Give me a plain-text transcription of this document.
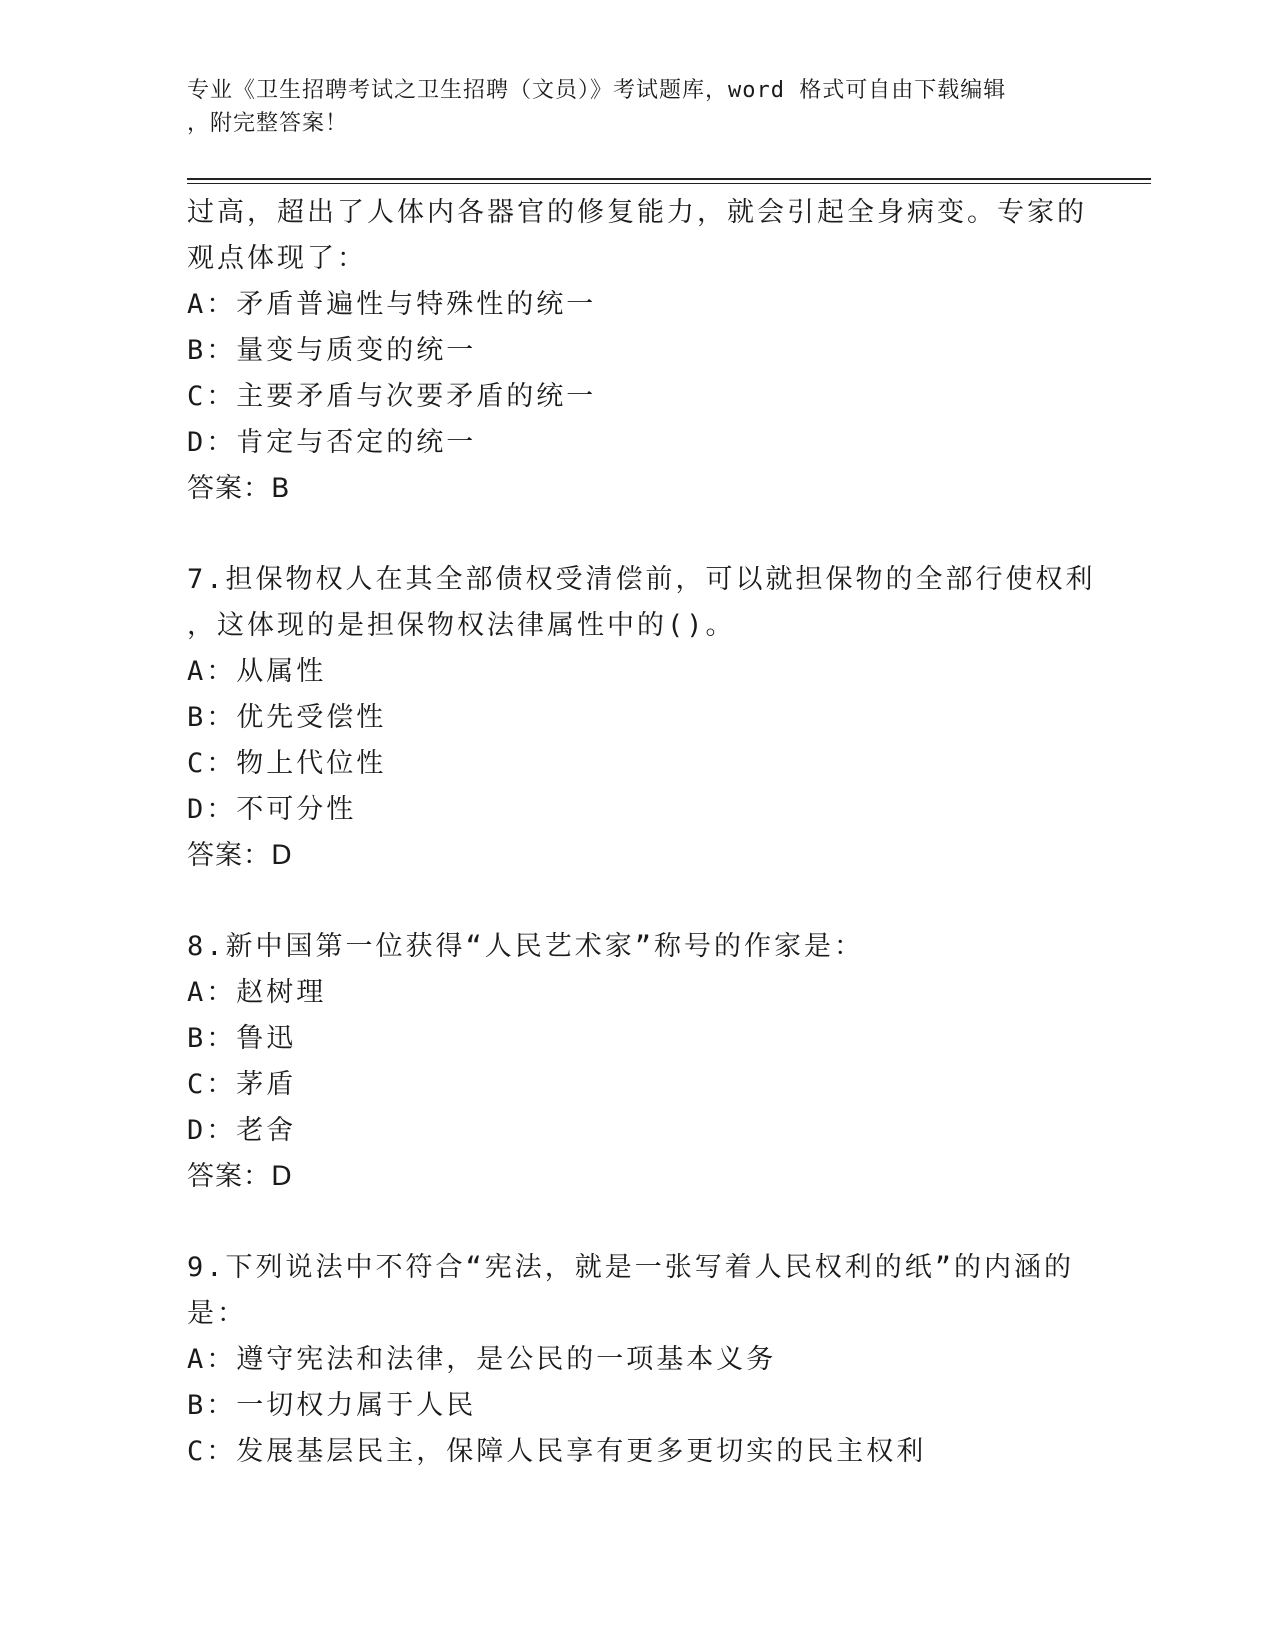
专业《卫生招聘考试之卫生招聘（文员）》考试题库，word 格式可自由下载编辑
，附完整答案！
过高，超出了人体内各器官的修复能力，就会引起全身病变。专家的
观点体现了：
A：矛盾普遍性与特殊性的统一
B：量变与质变的统一
C：主要矛盾与次要矛盾的统一
D：肯定与否定的统一
答案：B
7.担保物权人在其全部债权受清偿前，可以就担保物的全部行使权利
，这体现的是担保物权法律属性中的()。
A：从属性
B：优先受偿性
C：物上代位性
D：不可分性
答案：D
8.新中国第一位获得“人民艺术家”称号的作家是：
A：赵树理
B：鲁迅
C：茅盾
D：老舍
答案：D
9.下列说法中不符合“宪法，就是一张写着人民权利的纸”的内涵的
是：
A：遵守宪法和法律，是公民的一项基本义务
B：一切权力属于人民
C：发展基层民主，保障人民享有更多更切实的民主权利
